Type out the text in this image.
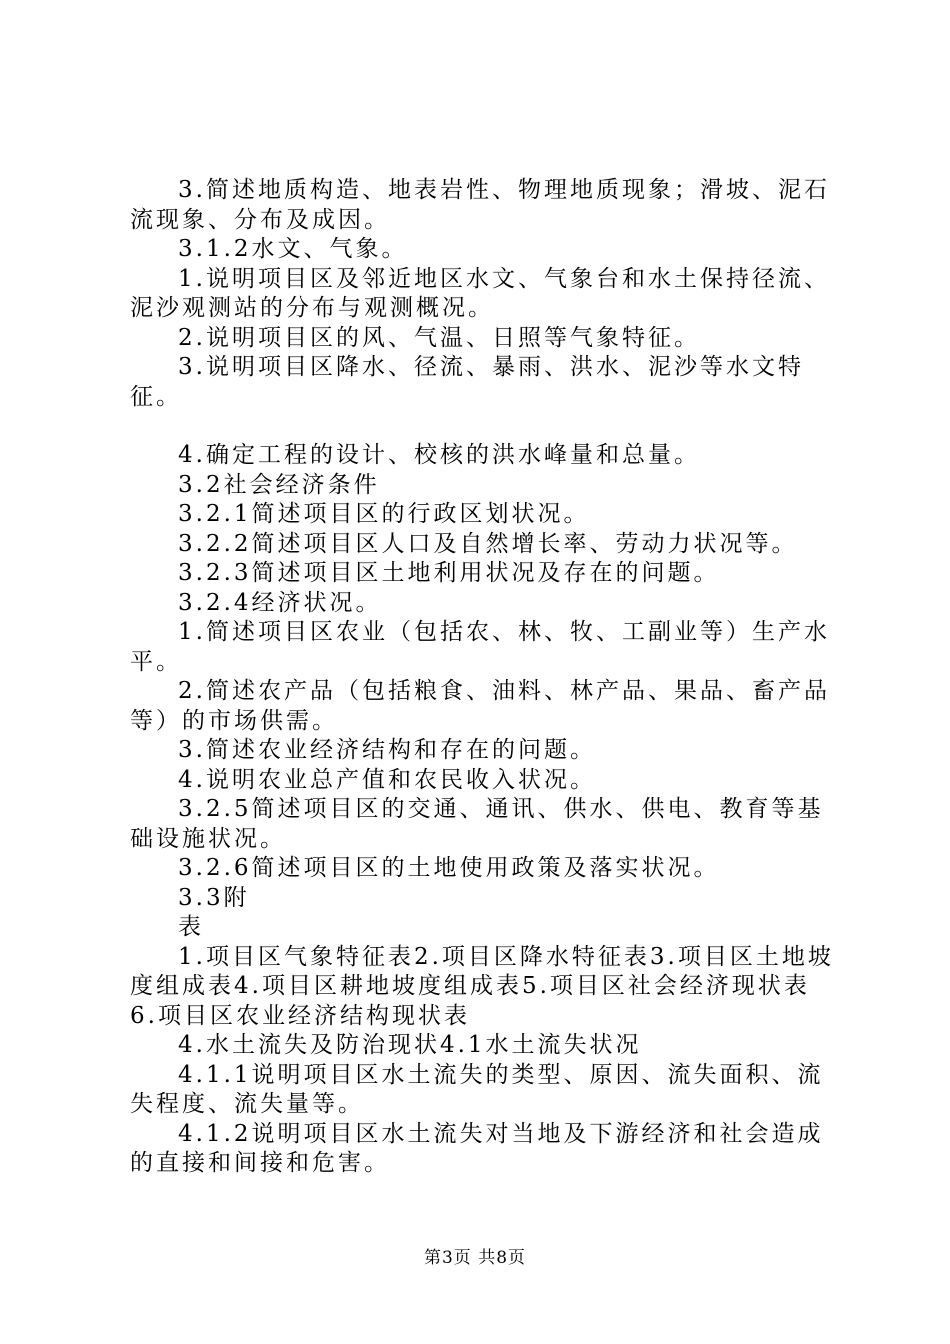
3.简述地质构造、地表岩性、物理地质现象；滑坡、泥石流现象、分布及成因。

3.1.2水文、气象。

1.说明项目区及邻近地区水文、气象台和水土保持径流、泥沙观测站的分布与观测概况。

2.说明项目区的风、气温、日照等气象特征。

3.说明项目区降水、径流、暴雨、洪水、泥沙等水文特征。

4.确定工程的设计、校核的洪水峰量和总量。

3.2社会经济条件

3.2.1简述项目区的行政区划状况。

3.2.2简述项目区人口及自然增长率、劳动力状况等。

3.2.3简述项目区土地利用状况及存在的问题。

3.2.4经济状况。

1.简述项目区农业（包括农、林、牧、工副业等）生产水平。

2.简述农产品（包括粮食、油料、林产品、果品、畜产品等）的市场供需。

3.简述农业经济结构和存在的问题。

4.说明农业总产值和农民收入状况。

3.2.5简述项目区的交通、通讯、供水、供电、教育等基础设施状况。

3.2.6简述项目区的土地使用政策及落实状况。

3.3附

表

1.项目区气象特征表2.项目区降水特征表3.项目区土地坡度组成表4.项目区耕地坡度组成表5.项目区社会经济现状表6.项目区农业经济结构现状表

4.水土流失及防治现状4.1水土流失状况

4.1.1说明项目区水土流失的类型、原因、流失面积、流失程度、流失量等。

4.1.2说明项目区水土流失对当地及下游经济和社会造成的直接和间接和危害。

第3页 共8页
